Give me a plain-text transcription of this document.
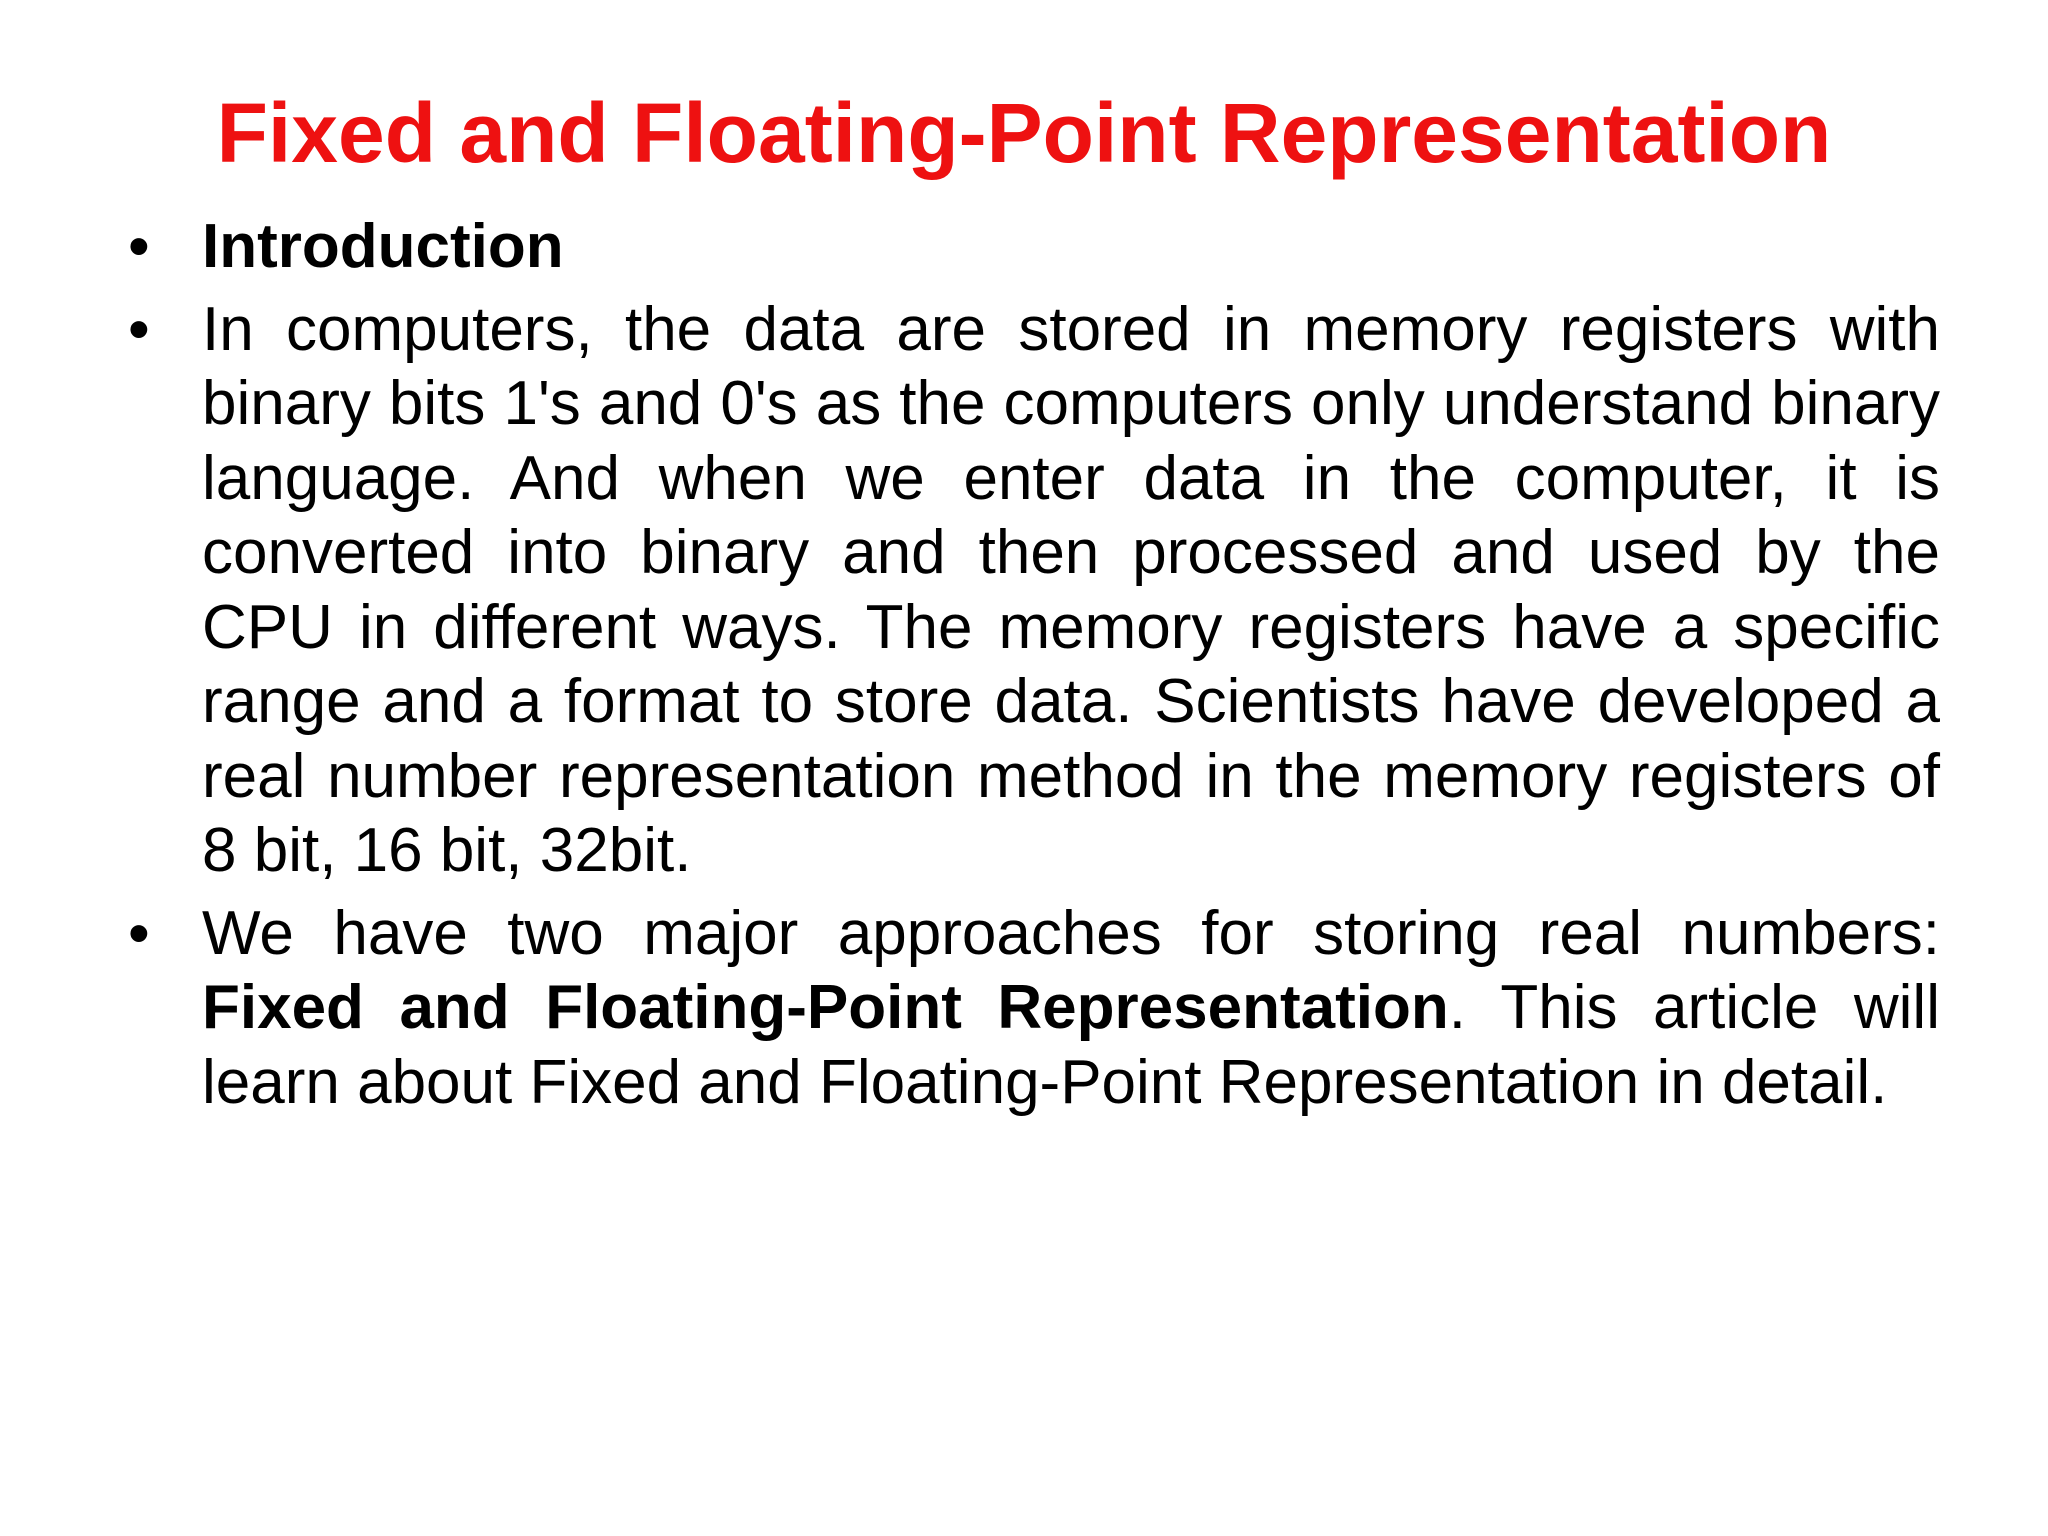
Fixed and Floating-Point Representation
• Introduction
• In computers, the data are stored in memory registers with binary bits 1's and 0's as the computers only understand binary language. And when we enter data in the computer, it is converted into binary and then processed and used by the CPU in different ways. The memory registers have a specific range and a format to store data. Scientists have developed a real number representation method in the memory registers of 8 bit, 16 bit, 32bit.
• We have two major approaches for storing real numbers: Fixed and Floating-Point Representation. This article will learn about Fixed and Floating-Point Representation in detail.
